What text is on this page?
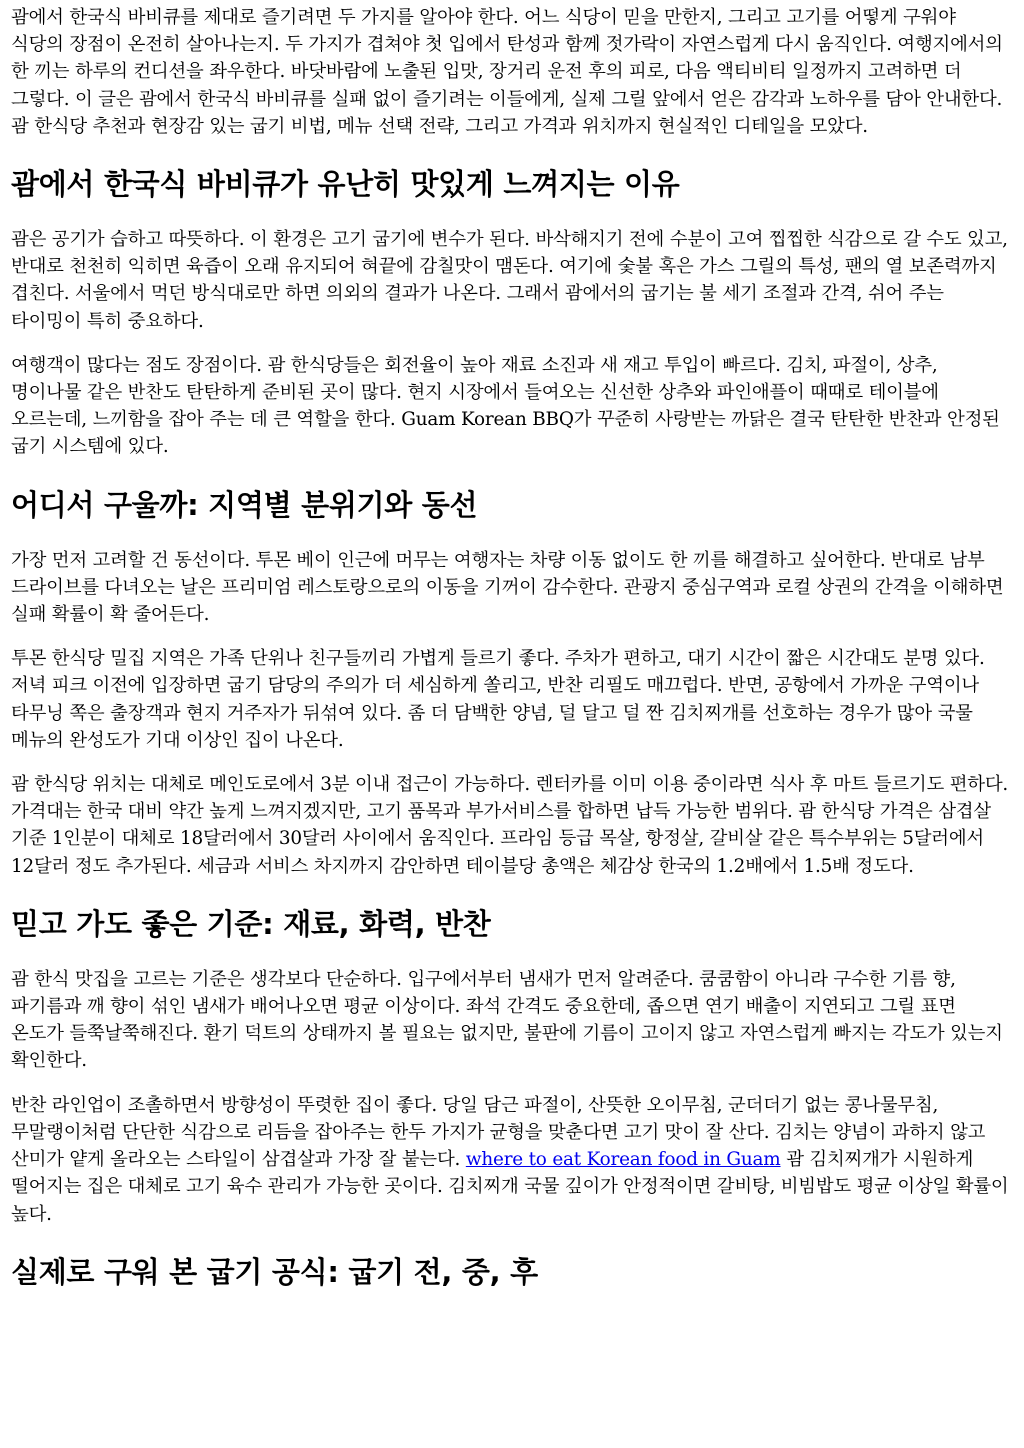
괌에서 한국식 바비큐를 제대로 즐기려면 두 가지를 알아야 한다. 어느 식당이 믿을 만한지, 그리고 고기를 어떻게 구워야 식당의 장점이 온전히 살아나는지. 두 가지가 겹쳐야 첫 입에서 탄성과 함께 젓가락이 자연스럽게 다시 움직인다. 여행지에서의 한 끼는 하루의 컨디션을 좌우한다. 바닷바람에 노출된 입맛, 장거리 운전 후의 피로, 다음 액티비티 일정까지 고려하면 더 그렇다. 이 글은 괌에서 한국식 바비큐를 실패 없이 즐기려는 이들에게, 실제 그릴 앞에서 얻은 감각과 노하우를 담아 안내한다. 괌 한식당 추천과 현장감 있는 굽기 비법, 메뉴 선택 전략, 그리고 가격과 위치까지 현실적인 디테일을 모았다.

괌에서 한국식 바비큐가 유난히 맛있게 느껴지는 이유

괌은 공기가 습하고 따뜻하다. 이 환경은 고기 굽기에 변수가 된다. 바삭해지기 전에 수분이 고여 찝찝한 식감으로 갈 수도 있고, 반대로 천천히 익히면 육즙이 오래 유지되어 혀끝에 감칠맛이 맴돈다. 여기에 숯불 혹은 가스 그릴의 특성, 팬의 열 보존력까지 겹친다. 서울에서 먹던 방식대로만 하면 의외의 결과가 나온다. 그래서 괌에서의 굽기는 불 세기 조절과 간격, 쉬어 주는 타이밍이 특히 중요하다.

여행객이 많다는 점도 장점이다. 괌 한식당들은 회전율이 높아 재료 소진과 새 재고 투입이 빠르다. 김치, 파절이, 상추, 명이나물 같은 반찬도 탄탄하게 준비된 곳이 많다. 현지 시장에서 들여오는 신선한 상추와 파인애플이 때때로 테이블에 오르는데, 느끼함을 잡아 주는 데 큰 역할을 한다. Guam Korean BBQ가 꾸준히 사랑받는 까닭은 결국 탄탄한 반찬과 안정된 굽기 시스템에 있다.

어디서 구울까: 지역별 분위기와 동선

가장 먼저 고려할 건 동선이다. 투몬 베이 인근에 머무는 여행자는 차량 이동 없이도 한 끼를 해결하고 싶어한다. 반대로 남부 드라이브를 다녀오는 날은 프리미엄 레스토랑으로의 이동을 기꺼이 감수한다. 관광지 중심구역과 로컬 상권의 간격을 이해하면 실패 확률이 확 줄어든다.

투몬 한식당 밀집 지역은 가족 단위나 친구들끼리 가볍게 들르기 좋다. 주차가 편하고, 대기 시간이 짧은 시간대도 분명 있다. 저녁 피크 이전에 입장하면 굽기 담당의 주의가 더 세심하게 쏠리고, 반찬 리필도 매끄럽다. 반면, 공항에서 가까운 구역이나 타무닝 쪽은 출장객과 현지 거주자가 뒤섞여 있다. 좀 더 담백한 양념, 덜 달고 덜 짠 김치찌개를 선호하는 경우가 많아 국물 메뉴의 완성도가 기대 이상인 집이 나온다.

괌 한식당 위치는 대체로 메인도로에서 3분 이내 접근이 가능하다. 렌터카를 이미 이용 중이라면 식사 후 마트 들르기도 편하다. 가격대는 한국 대비 약간 높게 느껴지겠지만, 고기 품목과 부가서비스를 합하면 납득 가능한 범위다. 괌 한식당 가격은 삼겹살 기준 1인분이 대체로 18달러에서 30달러 사이에서 움직인다. 프라임 등급 목살, 항정살, 갈비살 같은 특수부위는 5달러에서 12달러 정도 추가된다. 세금과 서비스 차지까지 감안하면 테이블당 총액은 체감상 한국의 1.2배에서 1.5배 정도다.

믿고 가도 좋은 기준: 재료, 화력, 반찬

괌 한식 맛집을 고르는 기준은 생각보다 단순하다. 입구에서부터 냄새가 먼저 알려준다. 쿰쿰함이 아니라 구수한 기름 향, 파기름과 깨 향이 섞인 냄새가 배어나오면 평균 이상이다. 좌석 간격도 중요한데, 좁으면 연기 배출이 지연되고 그릴 표면 온도가 들쭉날쭉해진다. 환기 덕트의 상태까지 볼 필요는 없지만, 불판에 기름이 고이지 않고 자연스럽게 빠지는 각도가 있는지 확인한다.

반찬 라인업이 조촐하면서 방향성이 뚜렷한 집이 좋다. 당일 담근 파절이, 산뜻한 오이무침, 군더더기 없는 콩나물무침, 무말랭이처럼 단단한 식감으로 리듬을 잡아주는 한두 가지가 균형을 맞춘다면 고기 맛이 잘 산다. 김치는 양념이 과하지 않고 산미가 얕게 올라오는 스타일이 삼겹살과 가장 잘 붙는다. where to eat Korean food in Guam 괌 김치찌개가 시원하게 떨어지는 집은 대체로 고기 육수 관리가 가능한 곳이다. 김치찌개 국물 깊이가 안정적이면 갈비탕, 비빔밥도 평균 이상일 확률이 높다.

실제로 구워 본 굽기 공식: 굽기 전, 중, 후
